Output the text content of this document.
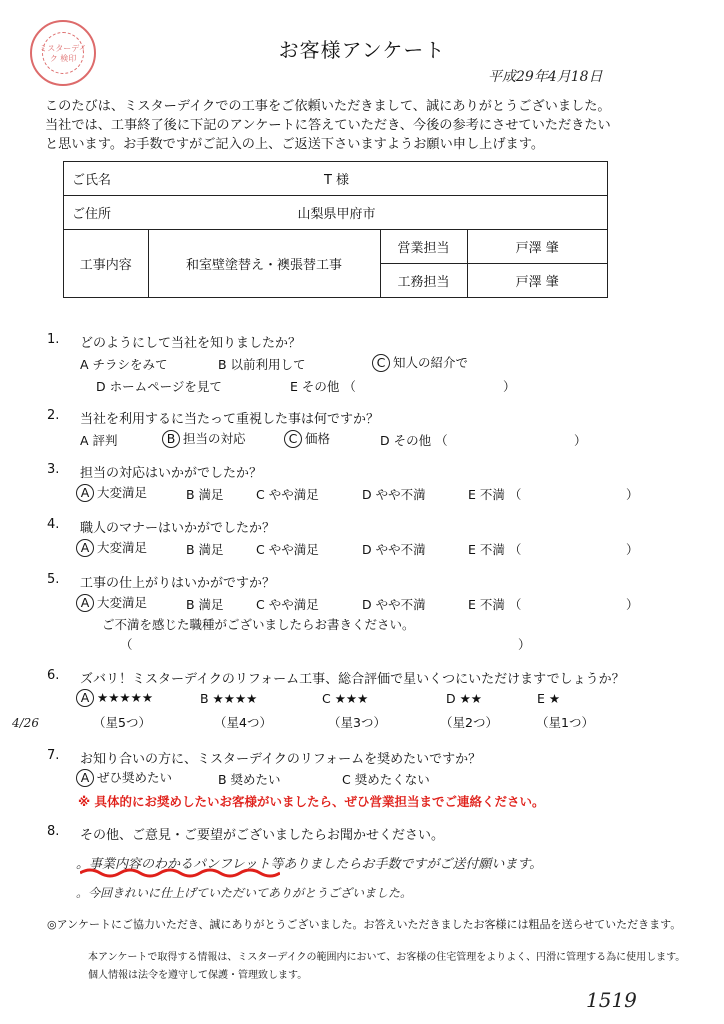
ミスターデイク 検印	お客様アンケート
平成29年4月18日
このたびは、ミスターデイクでの工事をご依頼いただきまして、誠にありがとうございました。
当社では、工事終了後に下記のアンケートに答えていただき、今後の参考にさせていただきたい
と思います。お手数ですがご記入の上、ご返送下さいますようお願い申し上げます。
ご氏名	T 様		
ご住所	山梨県甲府市		
工事内容	和室壁塗替え・襖張替工事	営業担当	戸澤 肇
		工務担当	戸澤 肇
1. どのようにして当社を知りましたか？
A チラシをみて	B 以前利用して	C 知人の紹介で
D ホームページを見て	E その他 （	）
2. 当社を利用するに当たって重視した事は何ですか？
A 評判	B 担当の対応	C 価格	D その他 （	）
3. 担当の対応はいかがでしたか？
A 大変満足	B 満足	C やや満足	D やや不満	E 不満 （	）
4. 職人のマナーはいかがでしたか？
A 大変満足	B 満足	C やや満足	D やや不満	E 不満 （	）
5. 工事の仕上がりはいかがですか？
A 大変満足	B 満足	C やや満足	D やや不満	E 不満 （	）
ご不満を感じた職種がございましたらお書きください。
（	）
6. ズバリ！ミスターデイクのリフォーム工事、総合評価で星いくつにいただけますでしょうか？
A ★★★★★	B ★★★★	C ★★★	D ★★	E ★
（星5つ）	（星4つ）	（星3つ）	（星2つ）	（星1つ）
4/26
7. お知り合いの方に、ミスターデイクのリフォームを奨めたいですか？
A ぜひ奨めたい	B 奨めたい	C 奨めたくない
※ 具体的にお奨めしたいお客様がいましたら、ぜひ営業担当までご連絡ください。
8. その他、ご意見・ご要望がございましたらお聞かせください。
。事業内容のわかるパンフレット等ありましたらお手数ですがご送付願います。
。今回きれいに仕上げていただいてありがとうございました。
◎アンケートにご協力いただき、誠にありがとうございました。お答えいただきましたお客様には粗品を送らせていただきます。
本アンケートで取得する情報は、ミスターデイクの範囲内において、お客様の住宅管理をよりよく、円滑に管理する為に使用します。
個人情報は法令を遵守して保護・管理致します。
1519
